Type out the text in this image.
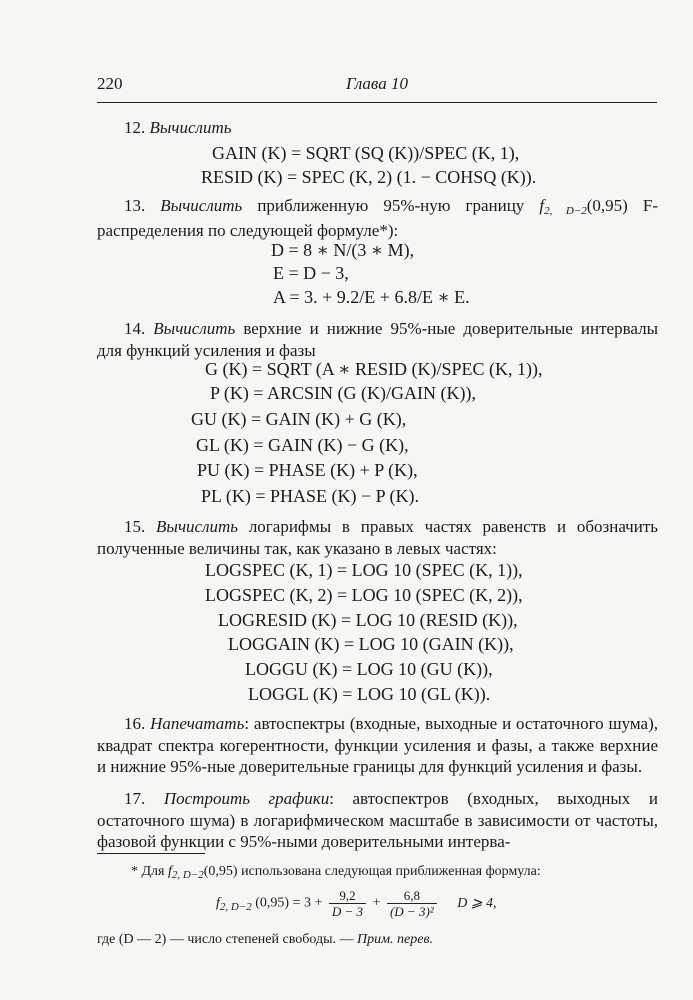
220	Глава 10
12. Вычислить
GAIN (K) = SQRT (SQ (K))/SPEC (K, 1),
RESID (K) = SPEC (K, 2) (1. − COHSQ (K)).
13. Вычислить приближенную 95%-ную границу f2, D−2(0,95) F-распределения по следующей формуле*):
D = 8 ∗ N/(3 ∗ M),
E = D − 3,
A = 3. + 9.2/E + 6.8/E ∗ E.
14. Вычислить верхние и нижние 95%-ные доверительные интервалы для функций усиления и фазы
G (K) = SQRT (A ∗ RESID (K)/SPEC (K, 1)),
P (K) = ARCSIN (G (K)/GAIN (K)),
GU (K) = GAIN (K) + G (K),
GL (K) = GAIN (K) − G (K),
PU (K) = PHASE (K) + P (K),
PL (K) = PHASE (K) − P (K).
15. Вычислить логарифмы в правых частях равенств и обозначить полученные величины так, как указано в левых частях:
LOGSPEC (K, 1) = LOG 10 (SPEC (K, 1)),
LOGSPEC (K, 2) = LOG 10 (SPEC (K, 2)),
LOGRESID (K) = LOG 10 (RESID (K)),
LOGGAIN (K) = LOG 10 (GAIN (K)),
LOGGU (K) = LOG 10 (GU (K)),
LOGGL (K) = LOG 10 (GL (K)).
16. Напечатать: автоспектры (входные, выходные и остаточного шума), квадрат спектра когерентности, функции усиления и фазы, а также верхние и нижние 95%-ные доверительные границы для функций усиления и фазы.
17. Построить графики: автоспектров (входных, выходных и остаточного шума) в логарифмическом масштабе в зависимости от частоты, фазовой функции с 95%-ными доверительными интерва-
* Для $f_{2, D-2}(0,95)$ использована следующая приближенная формула:
$f_{2, D-2}$ $(0,95) = 3 + \frac{9,2}{D - 3} + \frac{6,8}{\text{(D − 3)²}}$ D ⩾ 4,
где (D — 2) — число степеней свободы. — Прим. перев.
